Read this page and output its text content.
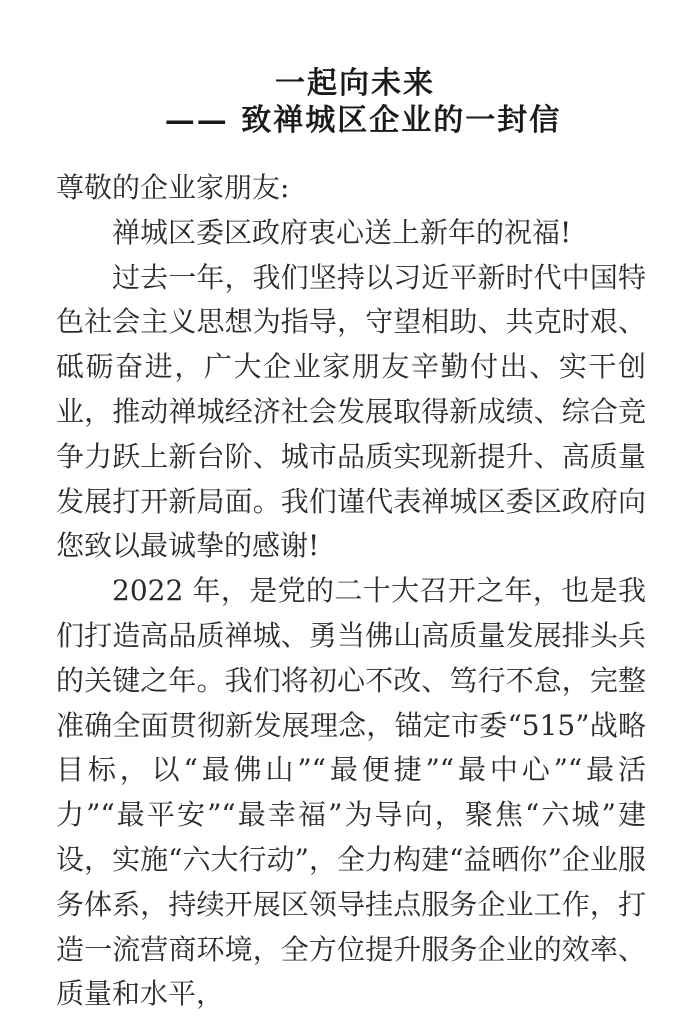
一起向未来
—— 致禅城区企业的一封信

尊敬的企业家朋友:

禅城区委区政府衷心送上新年的祝福!

过去一年，我们坚持以习近平新时代中国特色社会主义思想为指导，守望相助、共克时艰、砥砺奋进，广大企业家朋友辛勤付出、实干创业，推动禅城经济社会发展取得新成绩、综合竞争力跃上新台阶、城市品质实现新提升、高质量发展打开新局面。我们谨代表禅城区委区政府向您致以最诚挚的感谢!

2022 年，是党的二十大召开之年，也是我们打造高品质禅城、勇当佛山高质量发展排头兵的关键之年。我们将初心不改、笃行不怠，完整准确全面贯彻新发展理念，锚定市委“515”战略目标，以“最佛山”“最便捷”“最中心”“最活力”“最平安”“最幸福”为导向，聚焦“六城”建设，实施“六大行动”，全力构建“益晒你”企业服务体系，持续开展区领导挂点服务企业工作，打造一流营商环境，全方位提升服务企业的效率、质量和水平，
